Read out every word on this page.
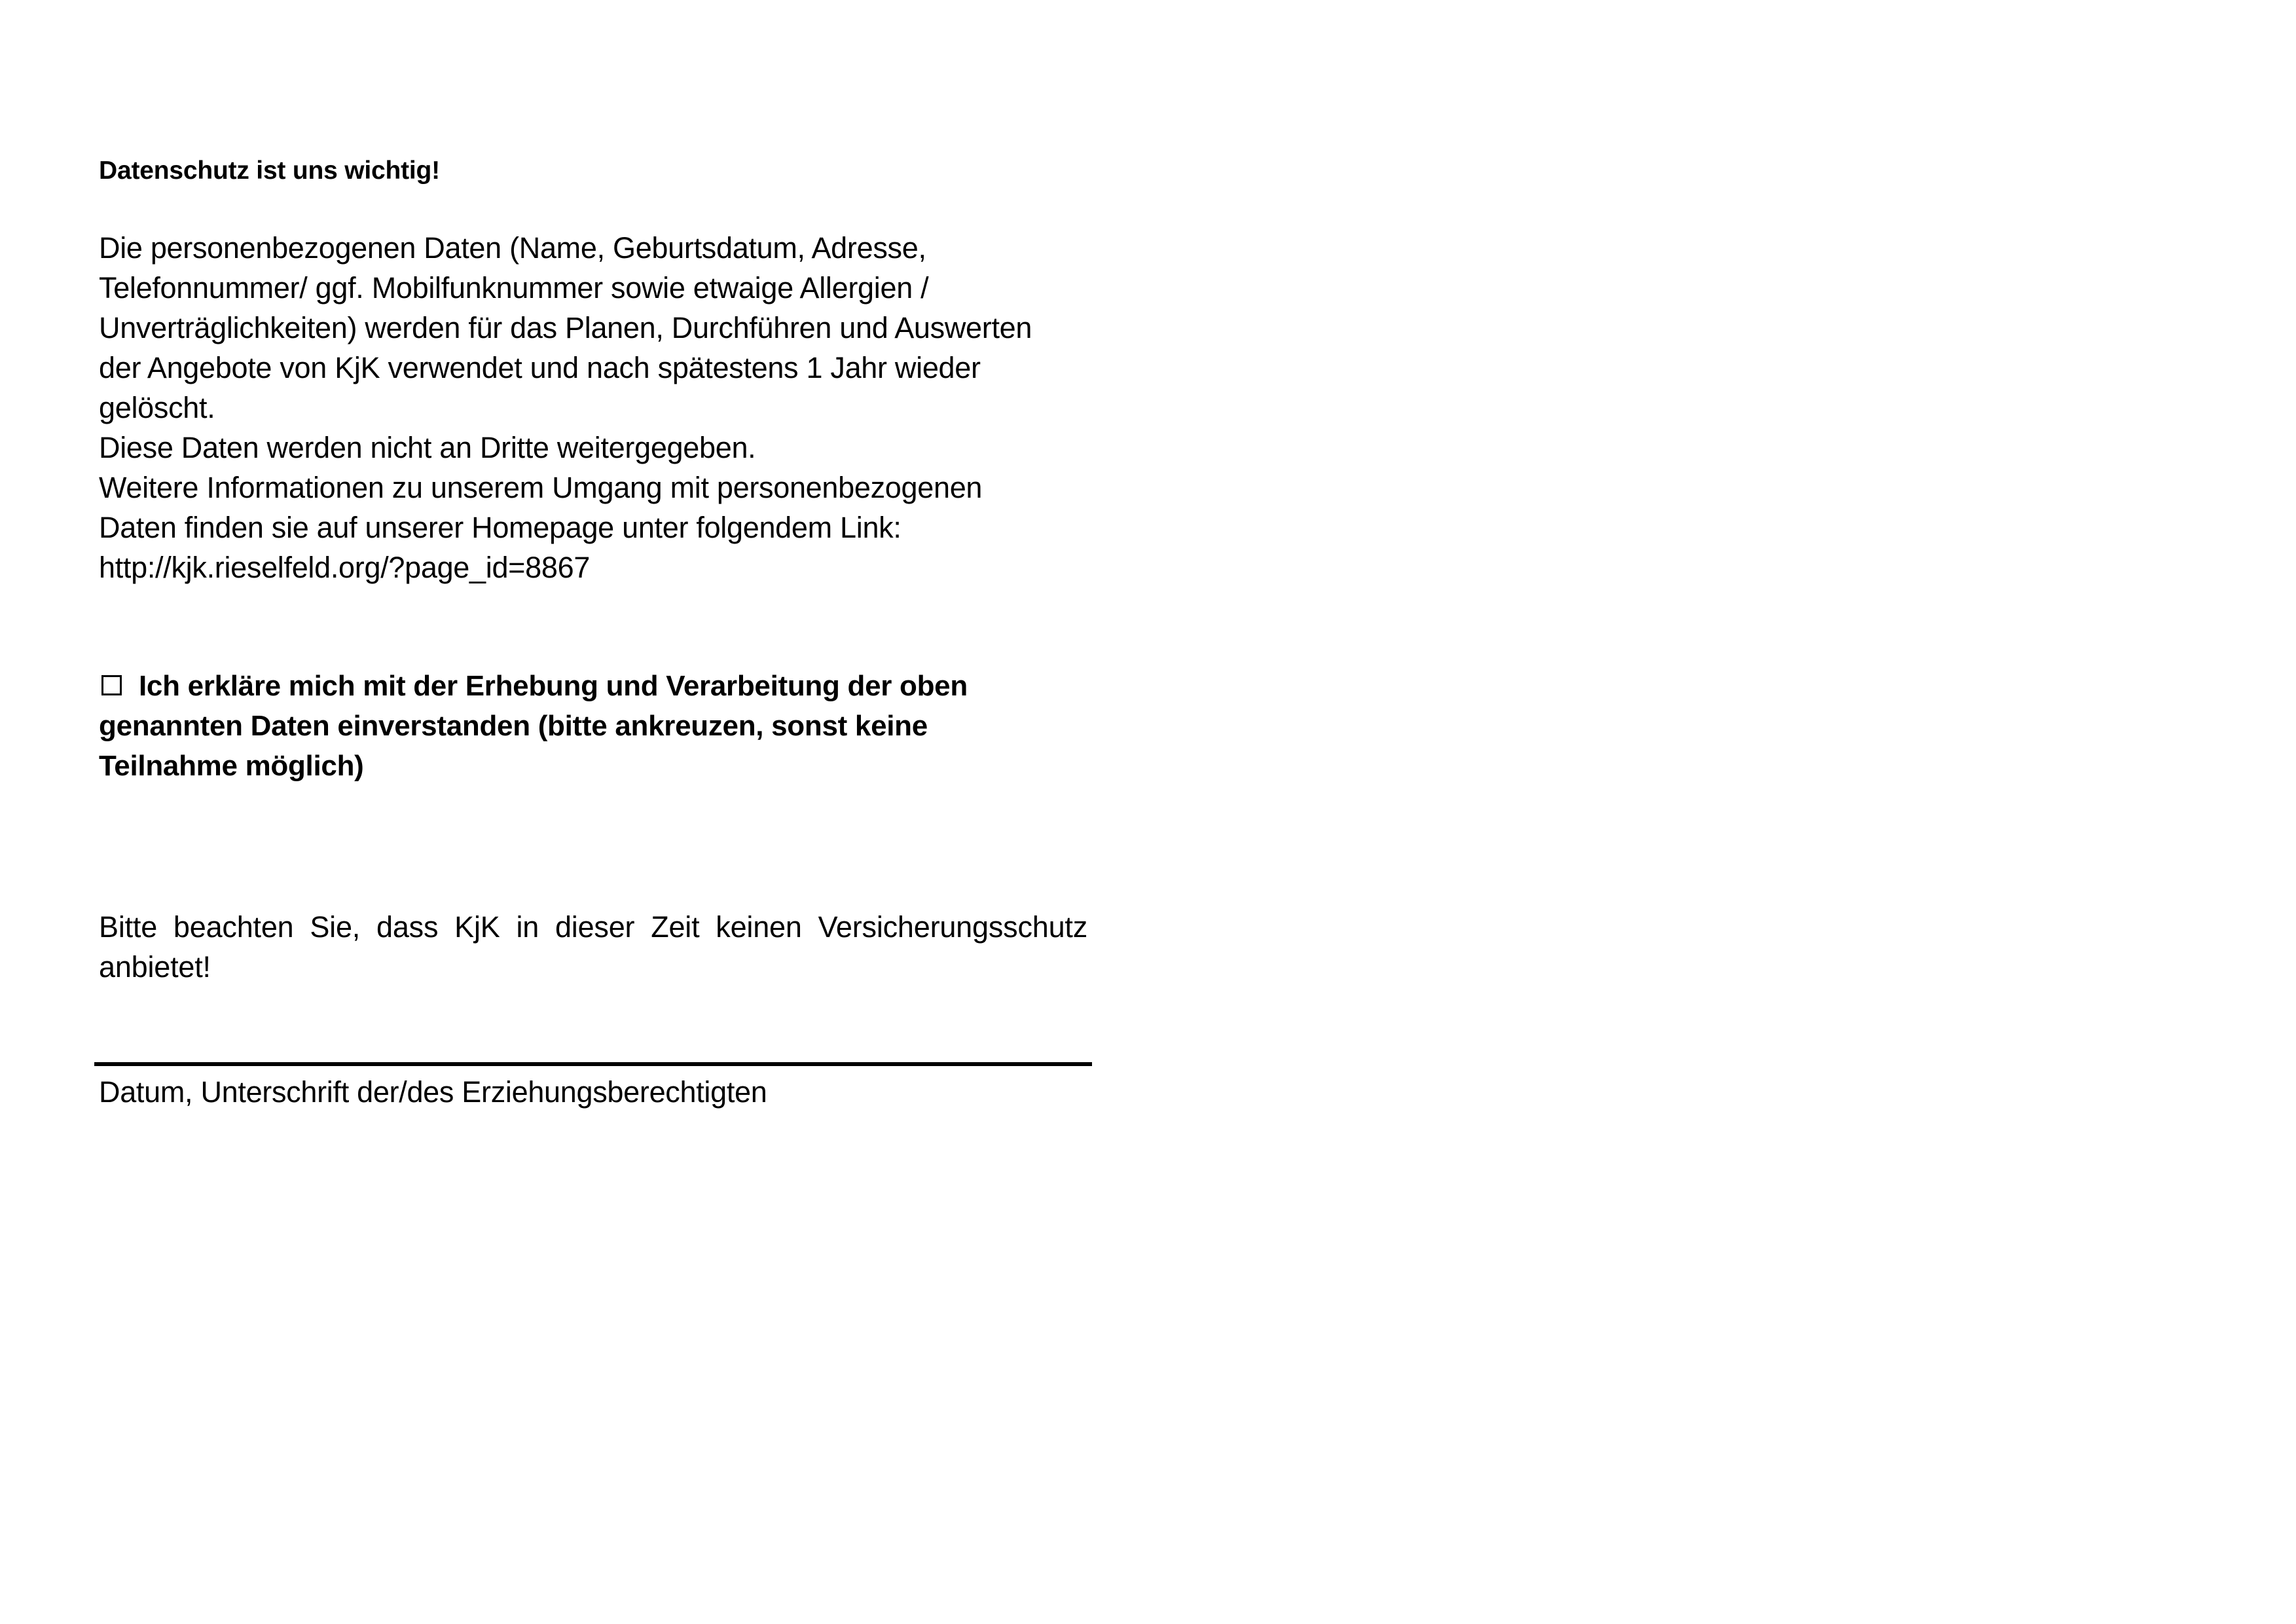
Datenschutz ist uns wichtig!

Die personenbezogenen Daten (Name, Geburtsdatum, Adresse,
Telefonnummer/ ggf. Mobilfunknummer sowie etwaige Allergien /
Unverträglichkeiten) werden für das Planen, Durchführen und Auswerten
der Angebote von KjK verwendet und nach spätestens 1 Jahr wieder
gelöscht.
Diese Daten werden nicht an Dritte weitergegeben.
Weitere Informationen zu unserem Umgang mit personenbezogenen
Daten finden sie auf unserer Homepage unter folgendem Link:
http://kjk.rieselfeld.org/?page_id=8867
Ich erkläre mich mit der Erhebung und Verarbeitung der oben
genannten Daten einverstanden (bitte ankreuzen, sonst keine
Teilnahme möglich)
Bitte beachten Sie, dass KjK in dieser Zeit keinen Versicherungsschutz
anbietet!
Datum, Unterschrift der/des Erziehungsberechtigten
